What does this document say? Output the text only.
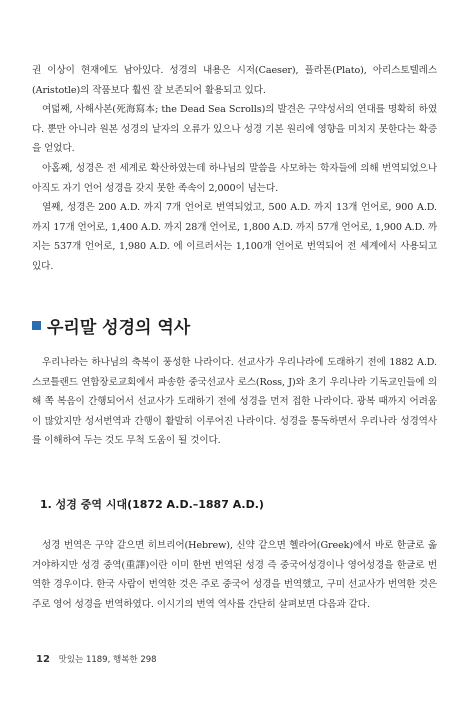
권 이상이 현재에도 남아있다. 성경의 내용은 시저(Caeser), 플라톤(Plato), 아리스토텔레스(Aristotle)의 작품보다 훨씬 잘 보존되어 활용되고 있다.

여덟째, 사해사본(死海寫本; the Dead Sea Scrolls)의 발견은 구약성서의 연대를 명확히 하였다. 뿐만 아니라 원본 성경의 낱자의 오류가 있으나 성경 기본 원리에 영향을 미치지 못한다는 확증을 얻었다.

아홉째, 성경은 전 세계로 확산하였는데 하나님의 말씀을 사모하는 학자들에 의해 번역되었으나 아직도 자기 언어 성경을 갖지 못한 족속이 2,000이 넘는다.

열째, 성경은 200 A.D. 까지 7개 언어로 번역되었고, 500 A.D. 까지 13개 언어로, 900 A.D. 까지 17개 언어로, 1,400 A.D. 까지 28개 언어로, 1,800 A.D. 까지 57개 언어로, 1,900 A.D. 까지는 537개 언어로, 1,980 A.D. 에 이르러서는 1,100개 언어로 번역되어 전 세계에서 사용되고 있다.

우리말 성경의 역사

우리나라는 하나님의 축복이 풍성한 나라이다. 선교사가 우리나라에 도래하기 전에 1882 A.D. 스코틀랜드 연합장로교회에서 파송한 중국선교사 로스(Ross, J)와 초기 우리나라 기독교인들에 의해 쪽 복음이 간행되어서 선교사가 도래하기 전에 성경을 먼저 접한 나라이다. 광복 때까지 어려움이 많았지만 성서번역과 간행이 활발히 이루어진 나라이다. 성경을 통독하면서 우리나라 성경역사를 이해하여 두는 것도 무척 도움이 될 것이다.

1. 성경 중역 시대(1872 A.D.–1887 A.D.)

성경 번역은 구약 같으면 히브리어(Hebrew), 신약 같으면 헬라어(Greek)에서 바로 한글로 옮겨야하지만 성경 중역(重譯)이란 이미 한번 번역된 성경 즉 중국어성경이나 영어성경을 한글로 번역한 경우이다. 한국 사람이 번역한 것은 주로 중국어 성경을 번역했고, 구미 선교사가 번역한 것은 주로 영어 성경을 번역하였다. 이시기의 번역 역사를 간단히 살펴보면 다음과 같다.

12 맛있는 1189, 행복한 298
